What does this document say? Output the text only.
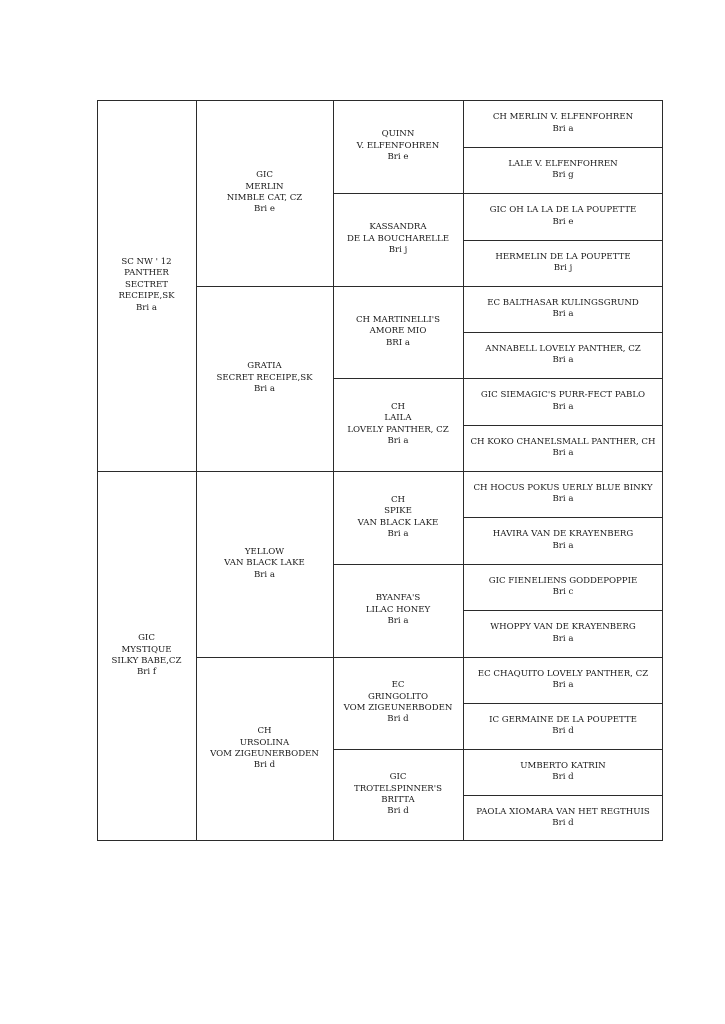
SC NW ' 12
PANTHER
SECTRET
RECEIPE,SK
Bri a
GIC
MYSTIQUE
SILKY BABE,CZ
Bri f
GIC
MERLIN
NIMBLE CAT, CZ
Bri e
GRATIA
SECRET RECEIPE,SK
Bri a
YELLOW
VAN BLACK LAKE
Bri a
CH
URSOLINA
VOM ZIGEUNERBODEN
Bri d
QUINN
V. ELFENFOHREN
Bri e
KASSANDRA
DE LA BOUCHARELLE
Bri j
CH MARTINELLI'S
AMORE MIO
BRI a
CH
LAILA
LOVELY PANTHER, CZ
Bri a
CH
SPIKE
VAN BLACK LAKE
Bri a
BYANFA'S
LILAC HONEY
Bri a
EC
GRINGOLITO
VOM ZIGEUNERBODEN
Bri d
GIC
TROTELSPINNER'S BRITTA
Bri d
CH MERLIN V. ELFENFOHREN
Bri a
LALE V. ELFENFOHREN
Bri g
GIC OH LA LA DE LA POUPETTE
Bri e
HERMELIN DE LA POUPETTE
Bri j
EC BALTHASAR KULINGSGRUND
Bri a
ANNABELL LOVELY PANTHER, CZ
Bri a
GIC SIEMAGIC'S PURR-FECT PABLO
Bri a
CH KOKO CHANELSMALL PANTHER, CH
Bri a
CH HOCUS POKUS UERLY BLUE BINKY
Bri a
HAVIRA VAN DE KRAYENBERG
Bri a
GIC FIENELIENS GODDEPOPPIE
Bri c
WHOPPY VAN DE KRAYENBERG
Bri a
EC CHAQUITO LOVELY PANTHER, CZ
Bri a
IC GERMAINE DE LA POUPETTE
Bri d
UMBERTO KATRIN
Bri d
PAOLA XIOMARA VAN HET REGTHUIS
Bri d
